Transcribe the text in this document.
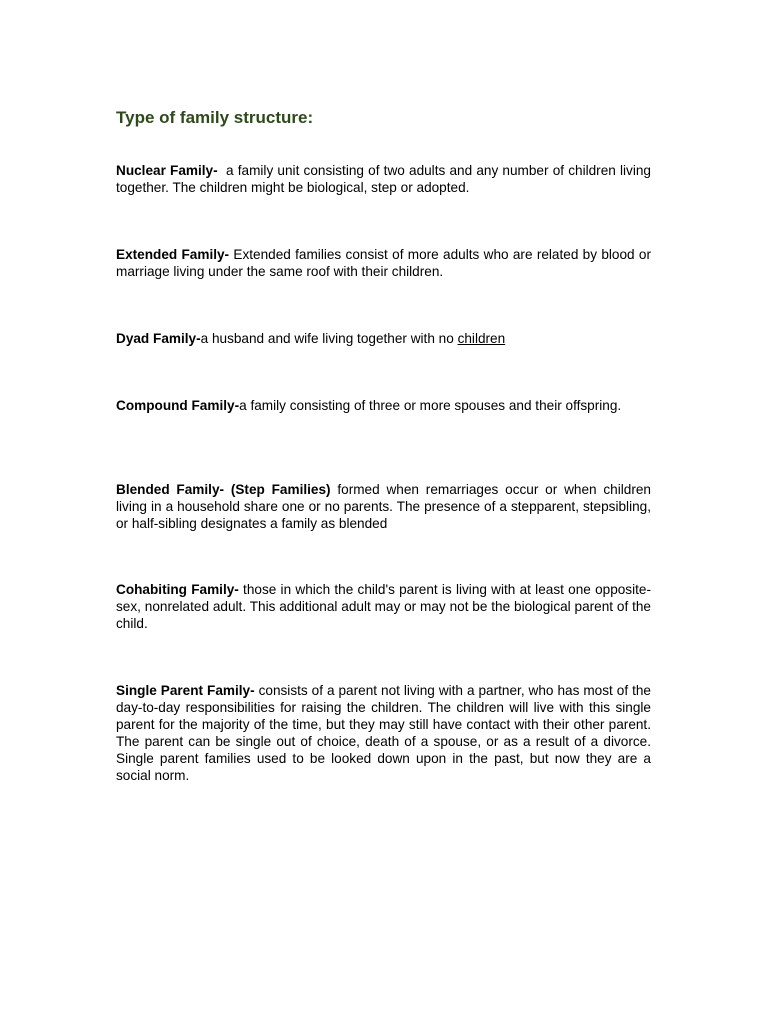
Type of family structure:

Nuclear Family-  a family unit consisting of two adults and any number of children living together. The children might be biological, step or adopted.

Extended Family- Extended families consist of more adults who are related by blood or marriage living under the same roof with their children.

Dyad Family-a husband and wife living together with no children

Compound Family-a family consisting of three or more spouses and their offspring.

Blended Family- (Step Families) formed when remarriages occur or when children living in a household share one or no parents. The presence of a stepparent, stepsibling, or half-sibling designates a family as blended

Cohabiting Family- those in which the child's parent is living with at least one opposite-sex, nonrelated adult. This additional adult may or may not be the biological parent of the child.

Single Parent Family- consists of a parent not living with a partner, who has most of the day-to-day responsibilities for raising the children. The children will live with this single parent for the majority of the time, but they may still have contact with their other parent. The parent can be single out of choice, death of a spouse, or as a result of a divorce. Single parent families used to be looked down upon in the past, but now they are a social norm.
